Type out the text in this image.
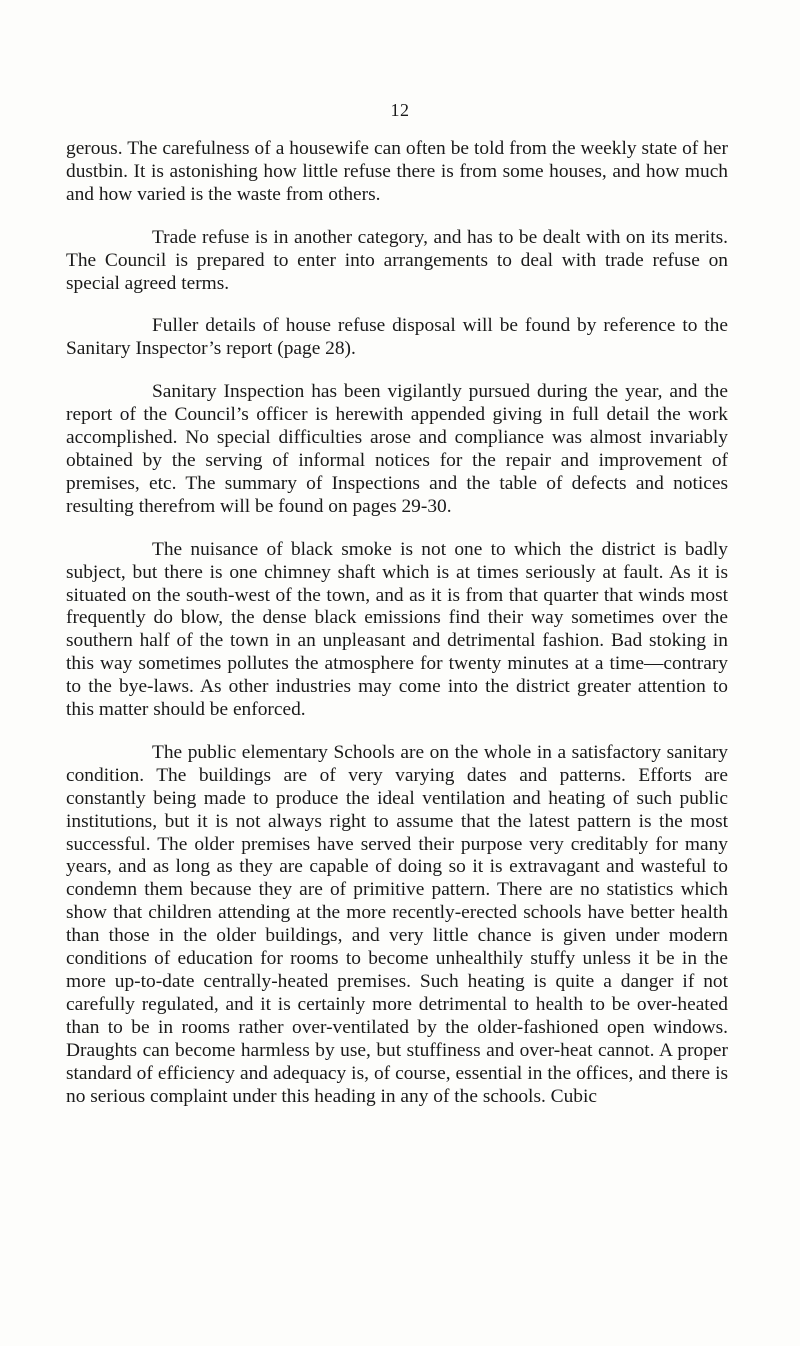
12

gerous. The carefulness of a housewife can often be told from the weekly state of her dustbin. It is astonishing how little refuse there is from some houses, and how much and how varied is the waste from others.

Trade refuse is in another category, and has to be dealt with on its merits. The Council is prepared to enter into arrangements to deal with trade refuse on special agreed terms.

Fuller details of house refuse disposal will be found by reference to the Sanitary Inspector’s report (page 28).

Sanitary Inspection has been vigilantly pursued during the year, and the report of the Council’s officer is herewith appended giving in full detail the work accomplished. No special difficulties arose and compliance was almost invariably obtained by the serving of informal notices for the repair and improvement of premises, etc. The summary of Inspections and the table of defects and notices resulting therefrom will be found on pages 29-30.

The nuisance of black smoke is not one to which the district is badly subject, but there is one chimney shaft which is at times seriously at fault. As it is situated on the south-west of the town, and as it is from that quarter that winds most frequently do blow, the dense black emissions find their way sometimes over the southern half of the town in an unpleasant and detrimental fashion. Bad stoking in this way sometimes pollutes the atmosphere for twenty minutes at a time—contrary to the bye-laws. As other industries may come into the district greater attention to this matter should be enforced.

The public elementary Schools are on the whole in a satisfactory sanitary condition. The buildings are of very varying dates and patterns. Efforts are constantly being made to produce the ideal ventilation and heating of such public institutions, but it is not always right to assume that the latest pattern is the most successful. The older premises have served their purpose very creditably for many years, and as long as they are capable of doing so it is extravagant and wasteful to condemn them because they are of primitive pattern. There are no statistics which show that children attending at the more recently-erected schools have better health than those in the older buildings, and very little chance is given under modern conditions of education for rooms to become unhealthily stuffy unless it be in the more up-to-date centrally-heated premises. Such heating is quite a danger if not carefully regulated, and it is certainly more detrimental to health to be over-heated than to be in rooms rather over-ventilated by the older-fashioned open windows. Draughts can become harmless by use, but stuffiness and over-heat cannot. A proper standard of efficiency and adequacy is, of course, essential in the offices, and there is no serious complaint under this heading in any of the schools. Cubic
